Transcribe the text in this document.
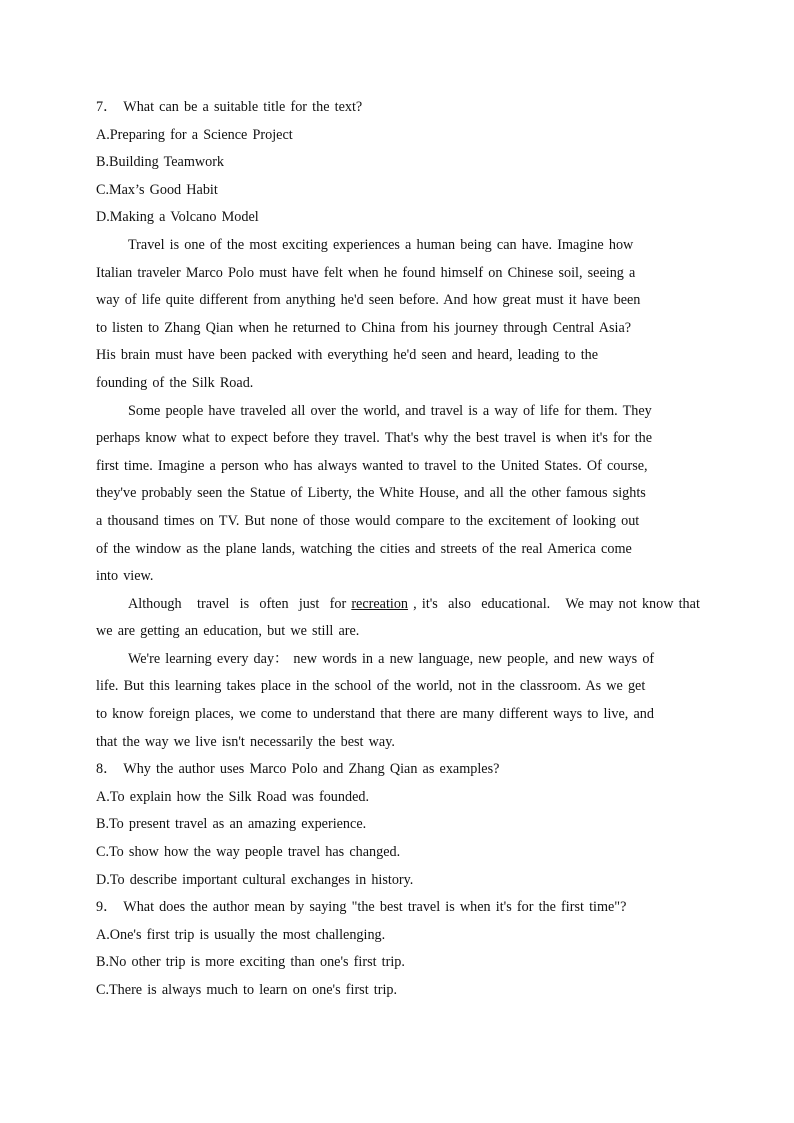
7． What can be a suitable title for the text?
A.Preparing for a Science Project
B.Building Teamwork
C.Max’s Good Habit
D.Making a Volcano Model
Travel is one of the most exciting experiences a human being can have. Imagine how
Italian traveler Marco Polo must have felt when he found himself on Chinese soil, seeing a
way of life quite different from anything he'd seen before. And how great must it have been
to listen to Zhang Qian when he returned to China from his journey through Central Asia?
His brain must have been packed with everything he'd seen and heard, leading to the
founding of the Silk Road.
Some people have traveled all over the world, and travel is a way of life for them. They
perhaps know what to expect before they travel. That's why the best travel is when it's for the
first time. Imagine a person who has always wanted to travel to the United States. Of course,
they've probably seen the Statue of Liberty, the White House, and all the other famous sights
a thousand times on TV. But none of those would compare to the excitement of looking out
of the window as the plane lands, watching the cities and streets of the real America come
into view.
Although   travel  is  often  just  for recreation , it's  also  educational.   We may not know that
we are getting an education, but we still are.
We're learning every day： new words in a new language, new people, and new ways of
life. But this learning takes place in the school of the world, not in the classroom. As we get
to know foreign places, we come to understand that there are many different ways to live, and
that the way we live isn't necessarily the best way.
8． Why the author uses Marco Polo and Zhang Qian as examples?
A.To explain how the Silk Road was founded.
B.To present travel as an amazing experience.
C.To show how the way people travel has changed.
D.To describe important cultural exchanges in history.
9． What does the author mean by saying "the best travel is when it's for the first time"?
A.One's first trip is usually the most challenging.
B.No other trip is more exciting than one's first trip.
C.There is always much to learn on one's first trip.
